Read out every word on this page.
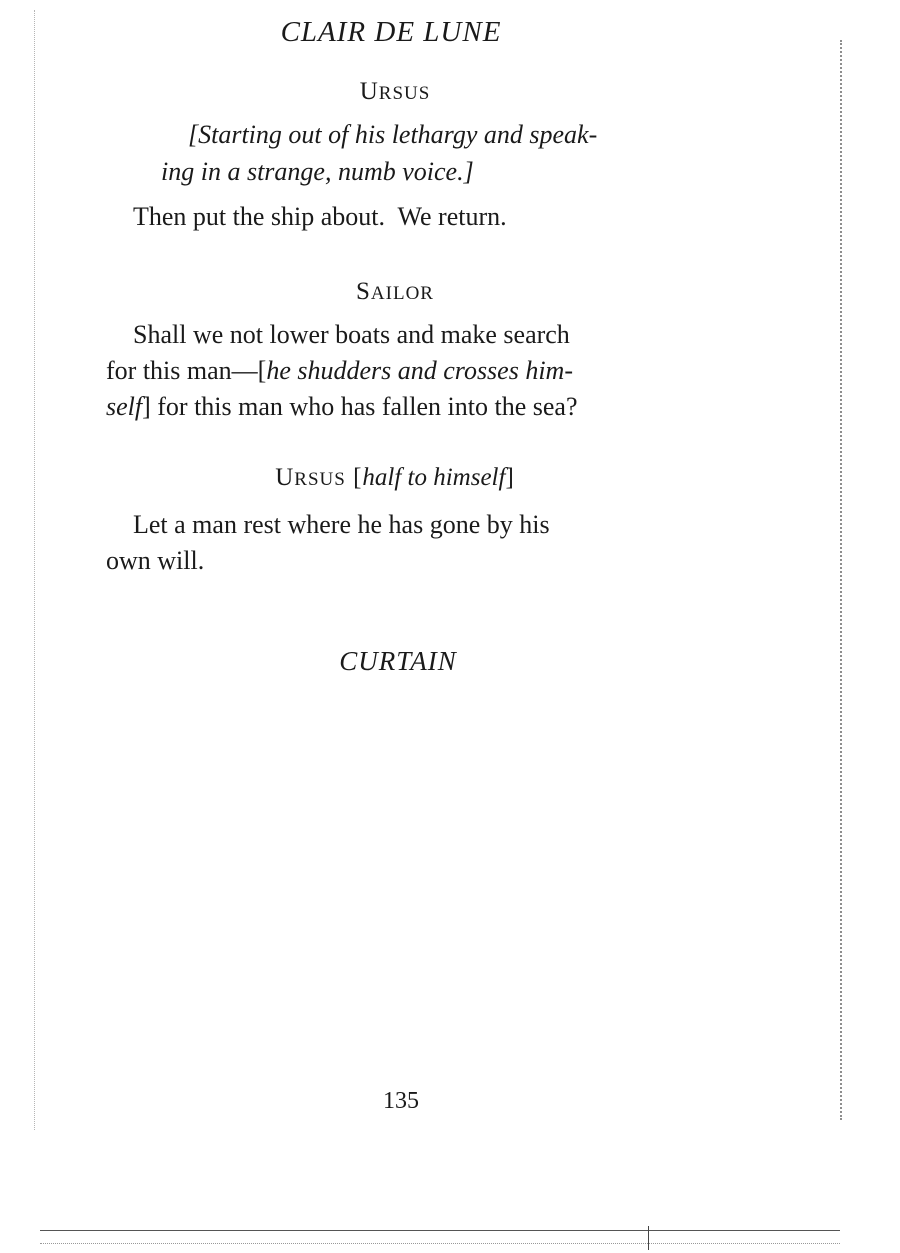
CLAIR DE LUNE
URSUS
[Starting out of his lethargy and speak-
ing in a strange, numb voice.]
Then put the ship about.  We return.
SAILOR
Shall we not lower boats and make search
for this man—[he shudders and crosses him-
self] for this man who has fallen into the sea?
URSUS [half to himself]
Let a man rest where he has gone by his
own will.
CURTAIN
135
